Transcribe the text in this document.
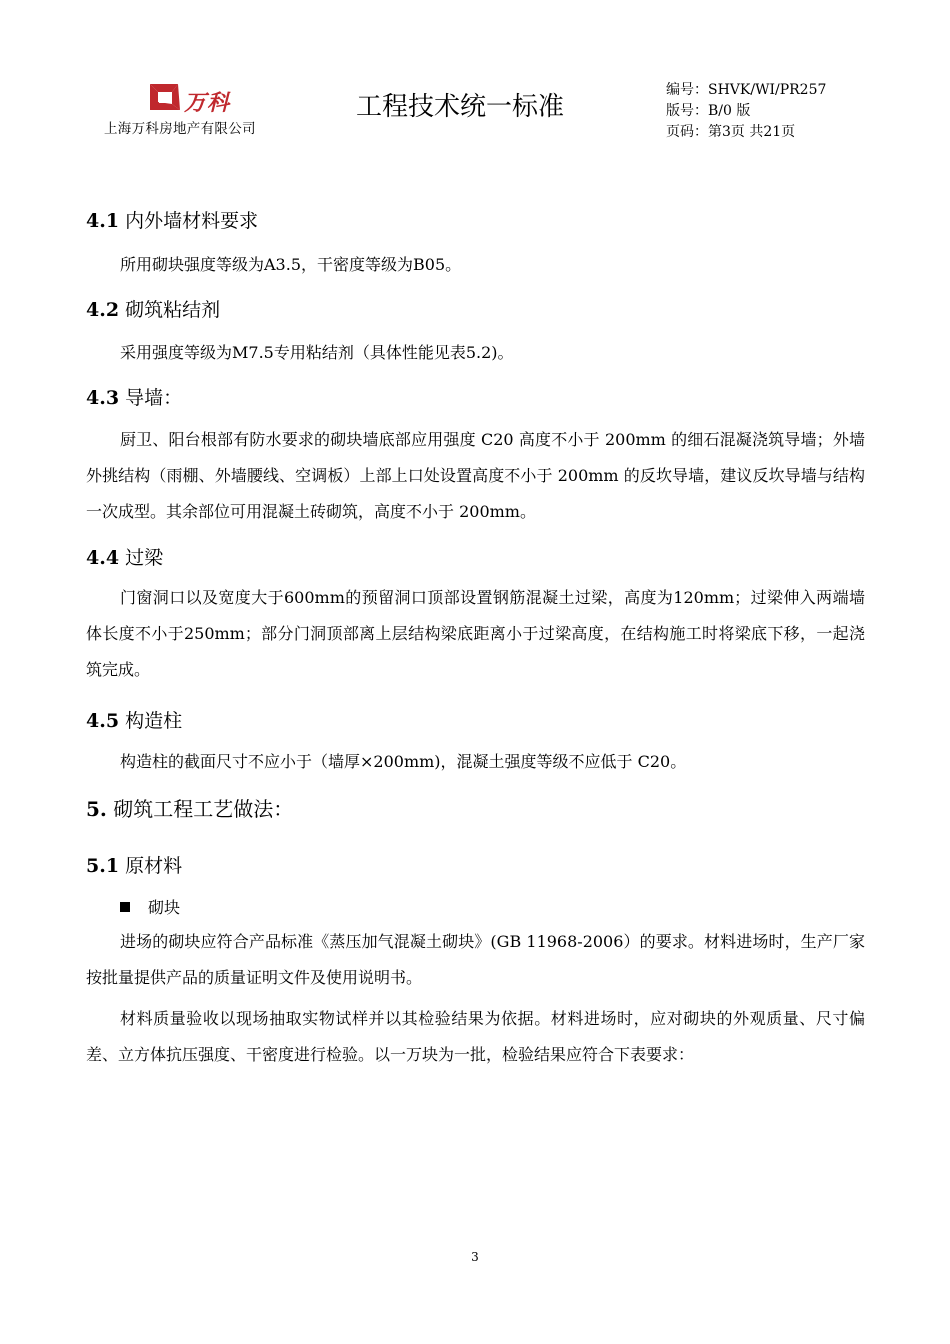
万科
上海万科房地产有限公司
工程技术统一标准
编号：SHVK/WI/PR257
版号：B/0 版
页码：第3页 共21页
4.1 内外墙材料要求
所用砌块强度等级为A3.5，干密度等级为B05。
4.2 砌筑粘结剂
采用强度等级为M7.5专用粘结剂（具体性能见表5.2)。
4.3 导墙：
厨卫、阳台根部有防水要求的砌块墙底部应用强度 C20 高度不小于 200mm 的细石混凝浇筑导墙；外墙外挑结构（雨棚、外墙腰线、空调板）上部上口处设置高度不小于 200mm 的反坎导墙，建议反坎导墙与结构一次成型。其余部位可用混凝土砖砌筑，高度不小于 200mm。
4.4 过梁
门窗洞口以及宽度大于600mm的预留洞口顶部设置钢筋混凝土过梁，高度为120mm；过梁伸入两端墙体长度不小于250mm；部分门洞顶部离上层结构梁底距离小于过梁高度，在结构施工时将梁底下移，一起浇筑完成。
4.5 构造柱
构造柱的截面尺寸不应小于（墙厚×200mm)，混凝土强度等级不应低于 C20。
5. 砌筑工程工艺做法：
5.1 原材料
砌块
进场的砌块应符合产品标准《蒸压加气混凝土砌块》(GB 11968-2006）的要求。材料进场时，生产厂家按批量提供产品的质量证明文件及使用说明书。
材料质量验收以现场抽取实物试样并以其检验结果为依据。材料进场时，应对砌块的外观质量、尺寸偏差、立方体抗压强度、干密度进行检验。以一万块为一批，检验结果应符合下表要求：
3
